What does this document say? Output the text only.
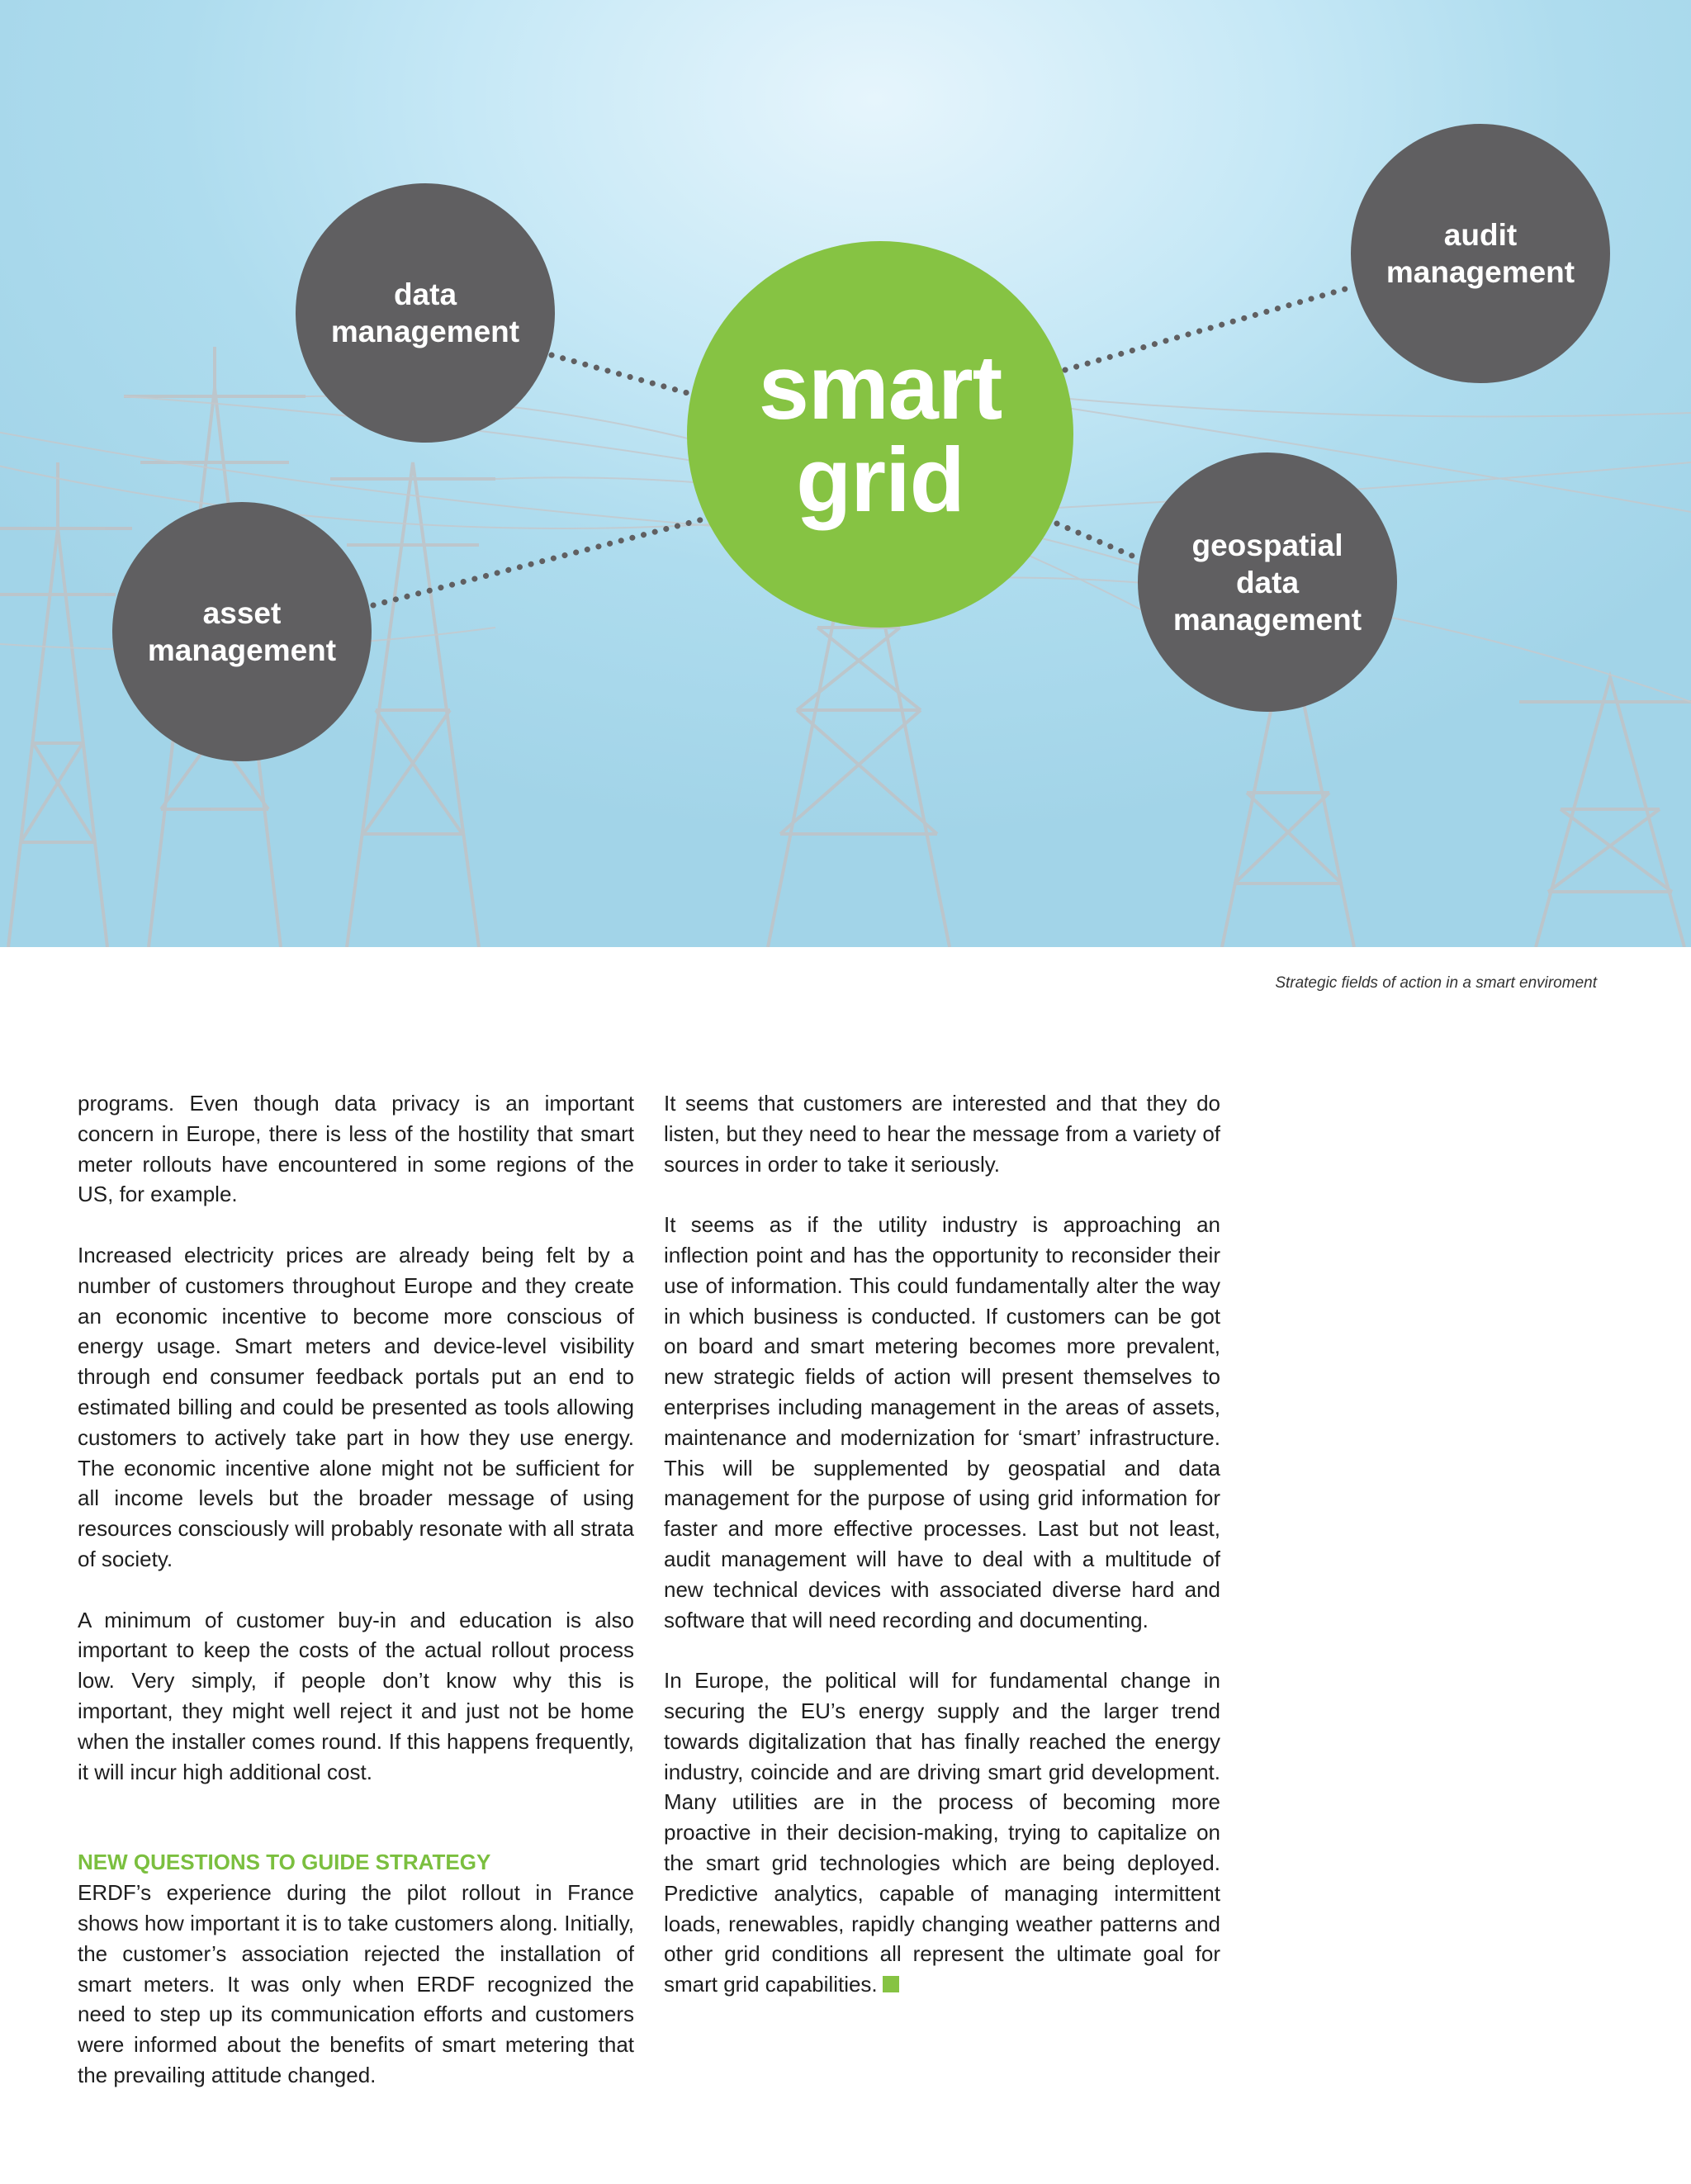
data
management
asset
management
audit
management
geospatial
data
management
smart
grid
Strategic fields of action in a smart enviroment

programs. Even though data privacy is an important concern in Europe, there is less of the hostility that smart meter rollouts have encountered in some regions of the US, for example.

Increased electricity prices are already being felt by a number of customers throughout Europe and they create an economic incentive to become more conscious of energy usage. Smart meters and device-level visibility through end consumer feedback portals put an end to estimated billing and could be presented as tools allowing customers to actively take part in how they use energy. The economic incentive alone might not be sufficient for all income levels but the broader message of using resources consciously will probably resonate with all strata of society.

A minimum of customer buy-in and education is also important to keep the costs of the actual rollout process low. Very simply, if people don’t know why this is important, they might well reject it and just not be home when the installer comes round. If this happens frequently, it will incur high additional cost.

NEW QUESTIONS TO GUIDE STRATEGY

ERDF’s experience during the pilot rollout in France shows how important it is to take customers along. Initially, the customer’s association rejected the installation of smart meters. It was only when ERDF recognized the need to step up its communication efforts and customers were informed about the benefits of smart metering that the prevailing attitude changed.

It seems that customers are interested and that they do listen, but they need to hear the message from a variety of sources in order to take it seriously.

It seems as if the utility industry is approaching an inflection point and has the opportunity to reconsider their use of information. This could fundamentally alter the way in which business is conducted. If customers can be got on board and smart metering becomes more prevalent, new strategic fields of action will present themselves to enterprises including management in the areas of assets, maintenance and modernization for ‘smart’ infrastructure. This will be supplemented by geospatial and data management for the purpose of using grid information for faster and more effective processes. Last but not least, audit management will have to deal with a multitude of new technical devices with associated diverse hard and software that will need recording and documenting.

In Europe, the political will for fundamental change in securing the EU’s energy supply and the larger trend towards digitalization that has finally reached the energy industry, coincide and are driving smart grid development. Many utilities are in the process of becoming more proactive in their decision-making, trying to capitalize on the smart grid technologies which are being deployed. Predictive analytics, capable of managing intermittent loads, renewables, rapidly changing weather patterns and other grid conditions all represent the ultimate goal for smart grid capabilities.
